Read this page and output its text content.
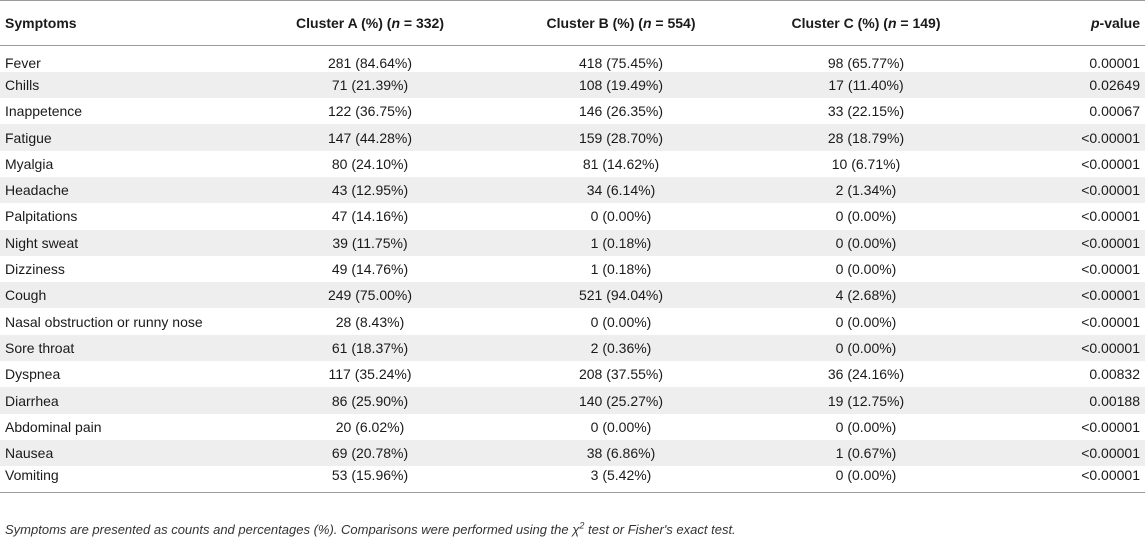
Symptoms	Cluster A (%) (n = 332)	Cluster B (%) (n = 554)	Cluster C (%) (n = 149)	p-value
Fever	281 (84.64%)	418 (75.45%)	98 (65.77%)	0.00001
Chills	71 (21.39%)	108 (19.49%)	17 (11.40%)	0.02649
Inappetence	122 (36.75%)	146 (26.35%)	33 (22.15%)	0.00067
Fatigue	147 (44.28%)	159 (28.70%)	28 (18.79%)	<0.00001
Myalgia	80 (24.10%)	81 (14.62%)	10 (6.71%)	<0.00001
Headache	43 (12.95%)	34 (6.14%)	2 (1.34%)	<0.00001
Palpitations	47 (14.16%)	0 (0.00%)	0 (0.00%)	<0.00001
Night sweat	39 (11.75%)	1 (0.18%)	0 (0.00%)	<0.00001
Dizziness	49 (14.76%)	1 (0.18%)	0 (0.00%)	<0.00001
Cough	249 (75.00%)	521 (94.04%)	4 (2.68%)	<0.00001
Nasal obstruction or runny nose	28 (8.43%)	0 (0.00%)	0 (0.00%)	<0.00001
Sore throat	61 (18.37%)	2 (0.36%)	0 (0.00%)	<0.00001
Dyspnea	117 (35.24%)	208 (37.55%)	36 (24.16%)	0.00832
Diarrhea	86 (25.90%)	140 (25.27%)	19 (12.75%)	0.00188
Abdominal pain	20 (6.02%)	0 (0.00%)	0 (0.00%)	<0.00001
Nausea	69 (20.78%)	38 (6.86%)	1 (0.67%)	<0.00001
Vomiting	53 (15.96%)	3 (5.42%)	0 (0.00%)	<0.00001
Symptoms are presented as counts and percentages (%). Comparisons were performed using the $\chi^2$ test or Fisher's exact test.
